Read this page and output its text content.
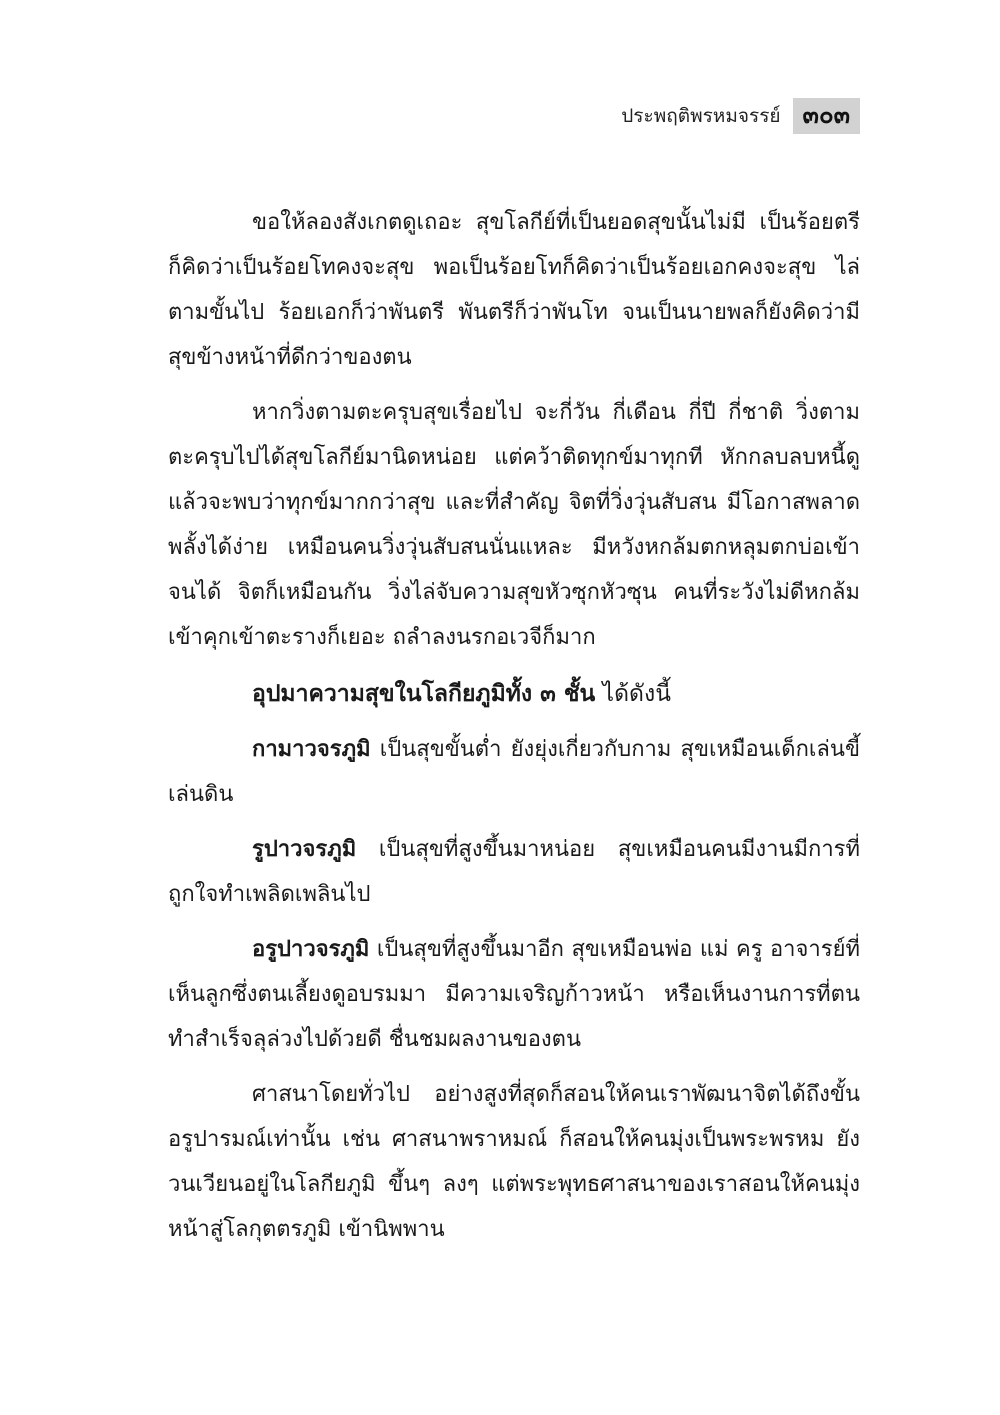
ประพฤติพรหมจรรย์ ๓๐๓

ขอให้ลองสังเกตดูเถอะ สุขโลกีย์ที่เป็นยอดสุขนั้นไม่มี เป็นร้อยตรีก็คิดว่าเป็นร้อยโทคงจะสุข พอเป็นร้อยโทก็คิดว่าเป็นร้อยเอกคงจะสุข ไล่ตามขั้นไป ร้อยเอกก็ว่าพันตรี พันตรีก็ว่าพันโท จนเป็นนายพลก็ยังคิดว่ามีสุขข้างหน้าที่ดีกว่าของตน

หากวิ่งตามตะครุบสุขเรื่อยไป จะกี่วัน กี่เดือน กี่ปี กี่ชาติ วิ่งตามตะครุบไปได้สุขโลกีย์มานิดหน่อย แต่คว้าติดทุกข์มาทุกที หักกลบลบหนี้ดูแล้วจะพบว่าทุกข์มากกว่าสุข และที่สำคัญ จิตที่วิ่งวุ่นสับสน มีโอกาสพลาดพลั้งได้ง่าย เหมือนคนวิ่งวุ่นสับสนนั่นแหละ มีหวังหกล้มตกหลุมตกบ่อเข้าจนได้ จิตก็เหมือนกัน วิ่งไล่จับความสุขหัวซุกหัวซุน คนที่ระวังไม่ดีหกล้มเข้าคุกเข้าตะรางก็เยอะ ถลำลงนรกอเวจีก็มาก

อุปมาความสุขในโลกียภูมิทั้ง ๓ ชั้น ได้ดังนี้

กามาวจรภูมิ เป็นสุขขั้นต่ำ ยังยุ่งเกี่ยวกับกาม สุขเหมือนเด็กเล่นขี้เล่นดิน

รูปาวจรภูมิ เป็นสุขที่สูงขึ้นมาหน่อย สุขเหมือนคนมีงานมีการที่ถูกใจทำเพลิดเพลินไป

อรูปาวจรภูมิ เป็นสุขที่สูงขึ้นมาอีก สุขเหมือนพ่อ แม่ ครู อาจารย์ที่เห็นลูกซึ่งตนเลี้ยงดูอบรมมา มีความเจริญก้าวหน้า หรือเห็นงานการที่ตนทำสำเร็จลุล่วงไปด้วยดี ชื่นชมผลงานของตน

ศาสนาโดยทั่วไป อย่างสูงที่สุดก็สอนให้คนเราพัฒนาจิตได้ถึงขั้นอรูปารมณ์เท่านั้น เช่น ศาสนาพราหมณ์ ก็สอนให้คนมุ่งเป็นพระพรหม ยังวนเวียนอยู่ในโลกียภูมิ ขึ้นๆ ลงๆ แต่พระพุทธศาสนาของเราสอนให้คนมุ่งหน้าสู่โลกุตตรภูมิ เข้านิพพาน
